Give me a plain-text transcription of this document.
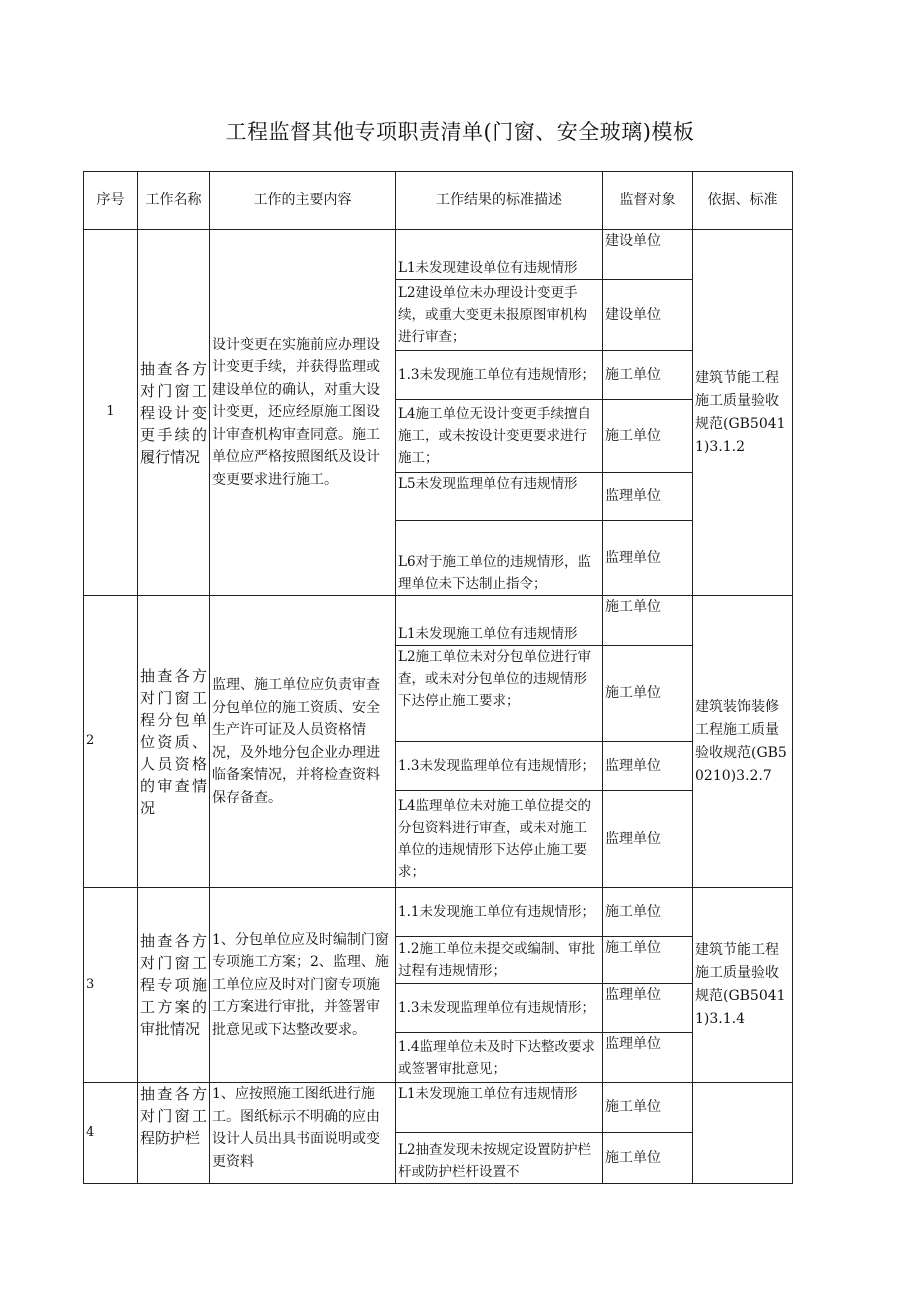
工程监督其他专项职责清单(门窗、安全玻璃)模板
序号	工作名称	工作的主要内容	工作结果的标准描述	监督对象	依据、标准
1	抽查各方对门窗工程设计变更手续的履行情况	设计变更在实施前应办理设计变更手续，并获得监理或建设单位的确认，对重大设计变更，还应经原施工图设计审查机构审查同意。施工单位应严格按照图纸及设计变更要求进行施工。	L1未发现建设单位有违规情形	建设单位	建筑节能工程施工质量验收规范(GB50411)3.1.2
			L2建设单位未办理设计变更手续，或重大变更未报原图审机构进行审查；	建设单位	
			1.3未发现施工单位有违规情形；	施工单位	
			L4施工单位无设计变更手续擅自施工，或未按设计变更要求进行施工；	施工单位	
			L5未发现监理单位有违规情形	监理单位	
			L6对于施工单位的违规情形，监理单位未下达制止指令；	监理单位	
2	抽查各方对门窗工程分包单位资质、人员资格的审查情况	监理、施工单位应负责审查分包单位的施工资质、安全生产许可证及人员资格情况，及外地分包企业办理进临备案情况，并将检查资料保存备查。	L1未发现施工单位有违规情形	施工单位	建筑装饰装修工程施工质量验收规范(GB50210)3.2.7
			L2施工单位未对分包单位进行审查，或未对分包单位的违规情形下达停止施工要求；	施工单位	
			1.3未发现监理单位有违规情形；	监理单位	
			L4监理单位未对施工单位提交的分包资料进行审查，或未对施工单位的违规情形下达停止施工要求；	监理单位	
3	抽查各方对门窗工程专项施工方案的审批情况	1、分包单位应及时编制门窗专项施工方案；2、监理、施工单位应及时对门窗专项施工方案进行审批，并签署审批意见或下达整改要求。	1.1未发现施工单位有违规情形；	施工单位	建筑节能工程施工质量验收规范(GB50411)3.1.4
			1.2施工单位未提交或编制、审批过程有违规情形；	施工单位	
			1.3未发现监理单位有违规情形；	监理单位	
			1.4监理单位未及时下达整改要求或签署审批意见；	监理单位	
4	抽查各方对门窗工程防护栏	1、应按照施工图纸进行施工。图纸标示不明确的应由设计人员出具书面说明或变更资料	L1未发现施工单位有违规情形	施工单位	
			L2抽查发现未按规定设置防护栏杆或防护栏杆设置不	施工单位	
